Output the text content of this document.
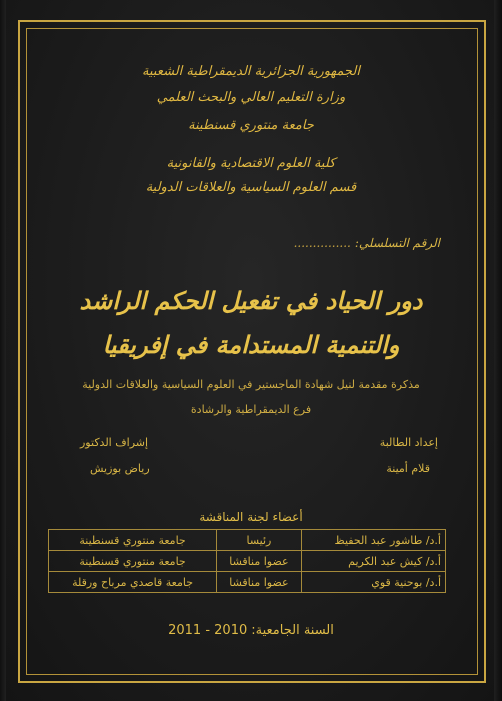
الجمهورية الجزائرية الديمقراطية الشعبية
وزارة التعليم العالي والبحث العلمي
جامعة منتوري قسنطينة
كلية العلوم الاقتصادية والقانونية
قسم العلوم السياسية والعلاقات الدولية
الرقم التسلسلي:...............
دور الحياد في تفعيل الحكم الراشد
والتنمية المستدامة في إفريقيا
مذكرة مقدمة لنيل شهادة الماجستير في العلوم السياسية والعلاقات الدولية
فرع الديمقراطية والرشادة
إعداد الطالبة
إشراف الدكتور
قلام أمينة
رياض بوزيش
أعضاء لجنة المناقشة
أ.د/ طاشور عبد الحفيظ	رئيسا	جامعة منتوري قسنطينة
أ.د/ كيش عبد الكريم	عضوا مناقشا	جامعة منتوري قسنطينة
أ.د/ بوحنية قوي	عضوا مناقشا	جامعة قاصدي مرباح ورقلة
السنة الجامعية:2010 - 2011
